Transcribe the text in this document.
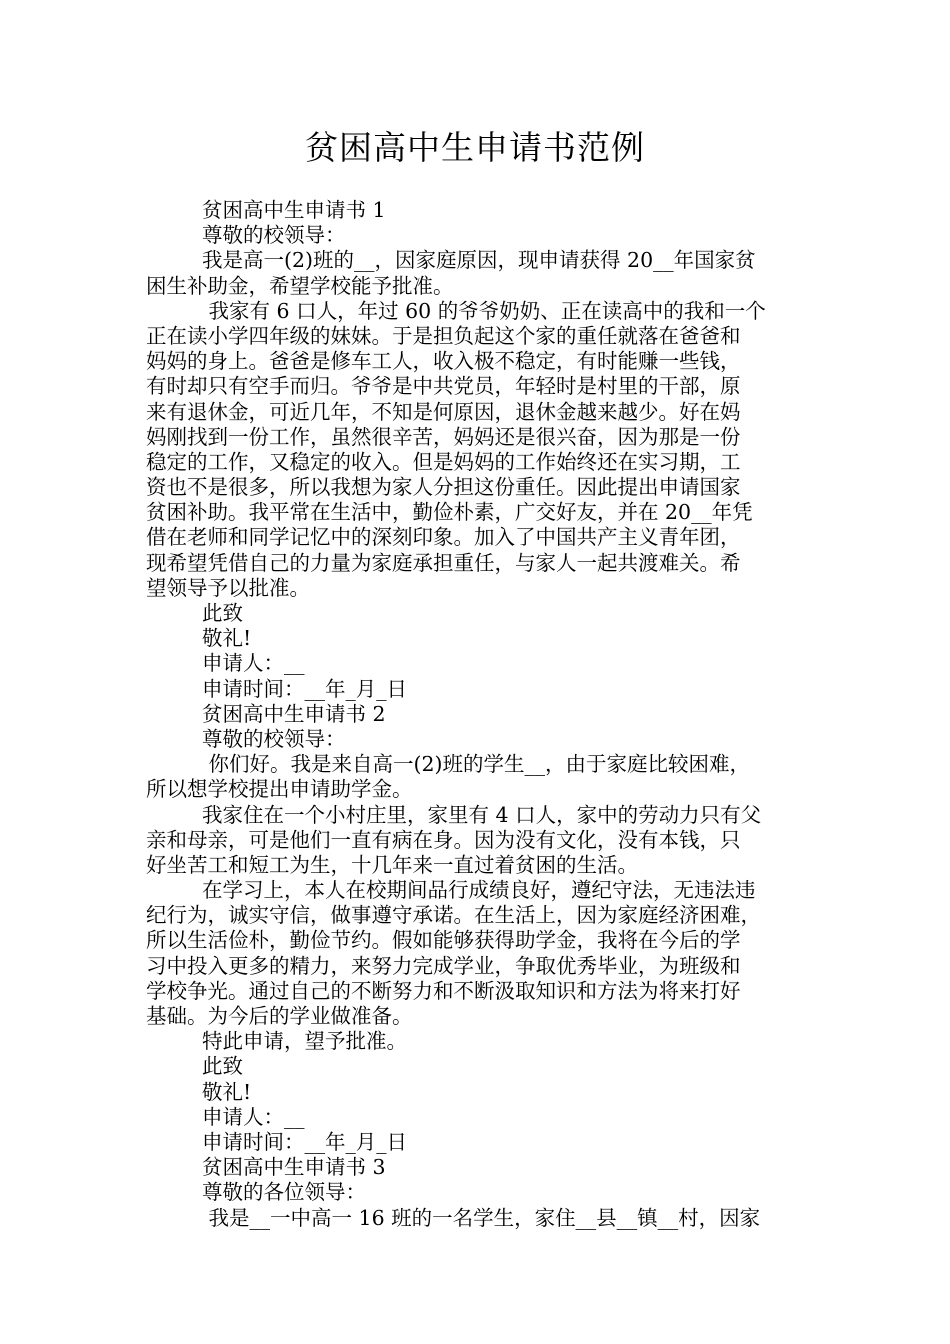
贫困高中生申请书范例
贫困高中生申请书 1
尊敬的校领导：
我是高一(2)班的__，因家庭原因，现申请获得 20__年国家贫
困生补助金，希望学校能予批准。
我家有 6 口人，年过 60 的爷爷奶奶、正在读高中的我和一个
正在读小学四年级的妹妹。于是担负起这个家的重任就落在爸爸和
妈妈的身上。爸爸是修车工人，收入极不稳定，有时能赚一些钱，
有时却只有空手而归。爷爷是中共党员，年轻时是村里的干部，原
来有退休金，可近几年，不知是何原因，退休金越来越少。好在妈
妈刚找到一份工作，虽然很辛苦，妈妈还是很兴奋，因为那是一份
稳定的工作，又稳定的收入。但是妈妈的工作始终还在实习期，工
资也不是很多，所以我想为家人分担这份重任。因此提出申请国家
贫困补助。我平常在生活中，勤俭朴素，广交好友，并在 20__年凭
借在老师和同学记忆中的深刻印象。加入了中国共产主义青年团，
现希望凭借自己的力量为家庭承担重任，与家人一起共渡难关。希
望领导予以批准。
此致
敬礼!
申请人：__
申请时间：__年_月_日
贫困高中生申请书 2
尊敬的校领导：
你们好。我是来自高一(2)班的学生__，由于家庭比较困难，
所以想学校提出申请助学金。
我家住在一个小村庄里，家里有 4 口人，家中的劳动力只有父
亲和母亲，可是他们一直有病在身。因为没有文化，没有本钱，只
好坐苦工和短工为生，十几年来一直过着贫困的生活。
在学习上，本人在校期间品行成绩良好，遵纪守法，无违法违
纪行为，诚实守信，做事遵守承诺。在生活上，因为家庭经济困难，
所以生活俭朴，勤俭节约。假如能够获得助学金，我将在今后的学
习中投入更多的精力，来努力完成学业，争取优秀毕业，为班级和
学校争光。通过自己的不断努力和不断汲取知识和方法为将来打好
基础。为今后的学业做准备。
特此申请，望予批准。
此致
敬礼!
申请人：__
申请时间：__年_月_日
贫困高中生申请书 3
尊敬的各位领导：
我是__一中高一 16 班的一名学生，家住__县__镇__村，因家
